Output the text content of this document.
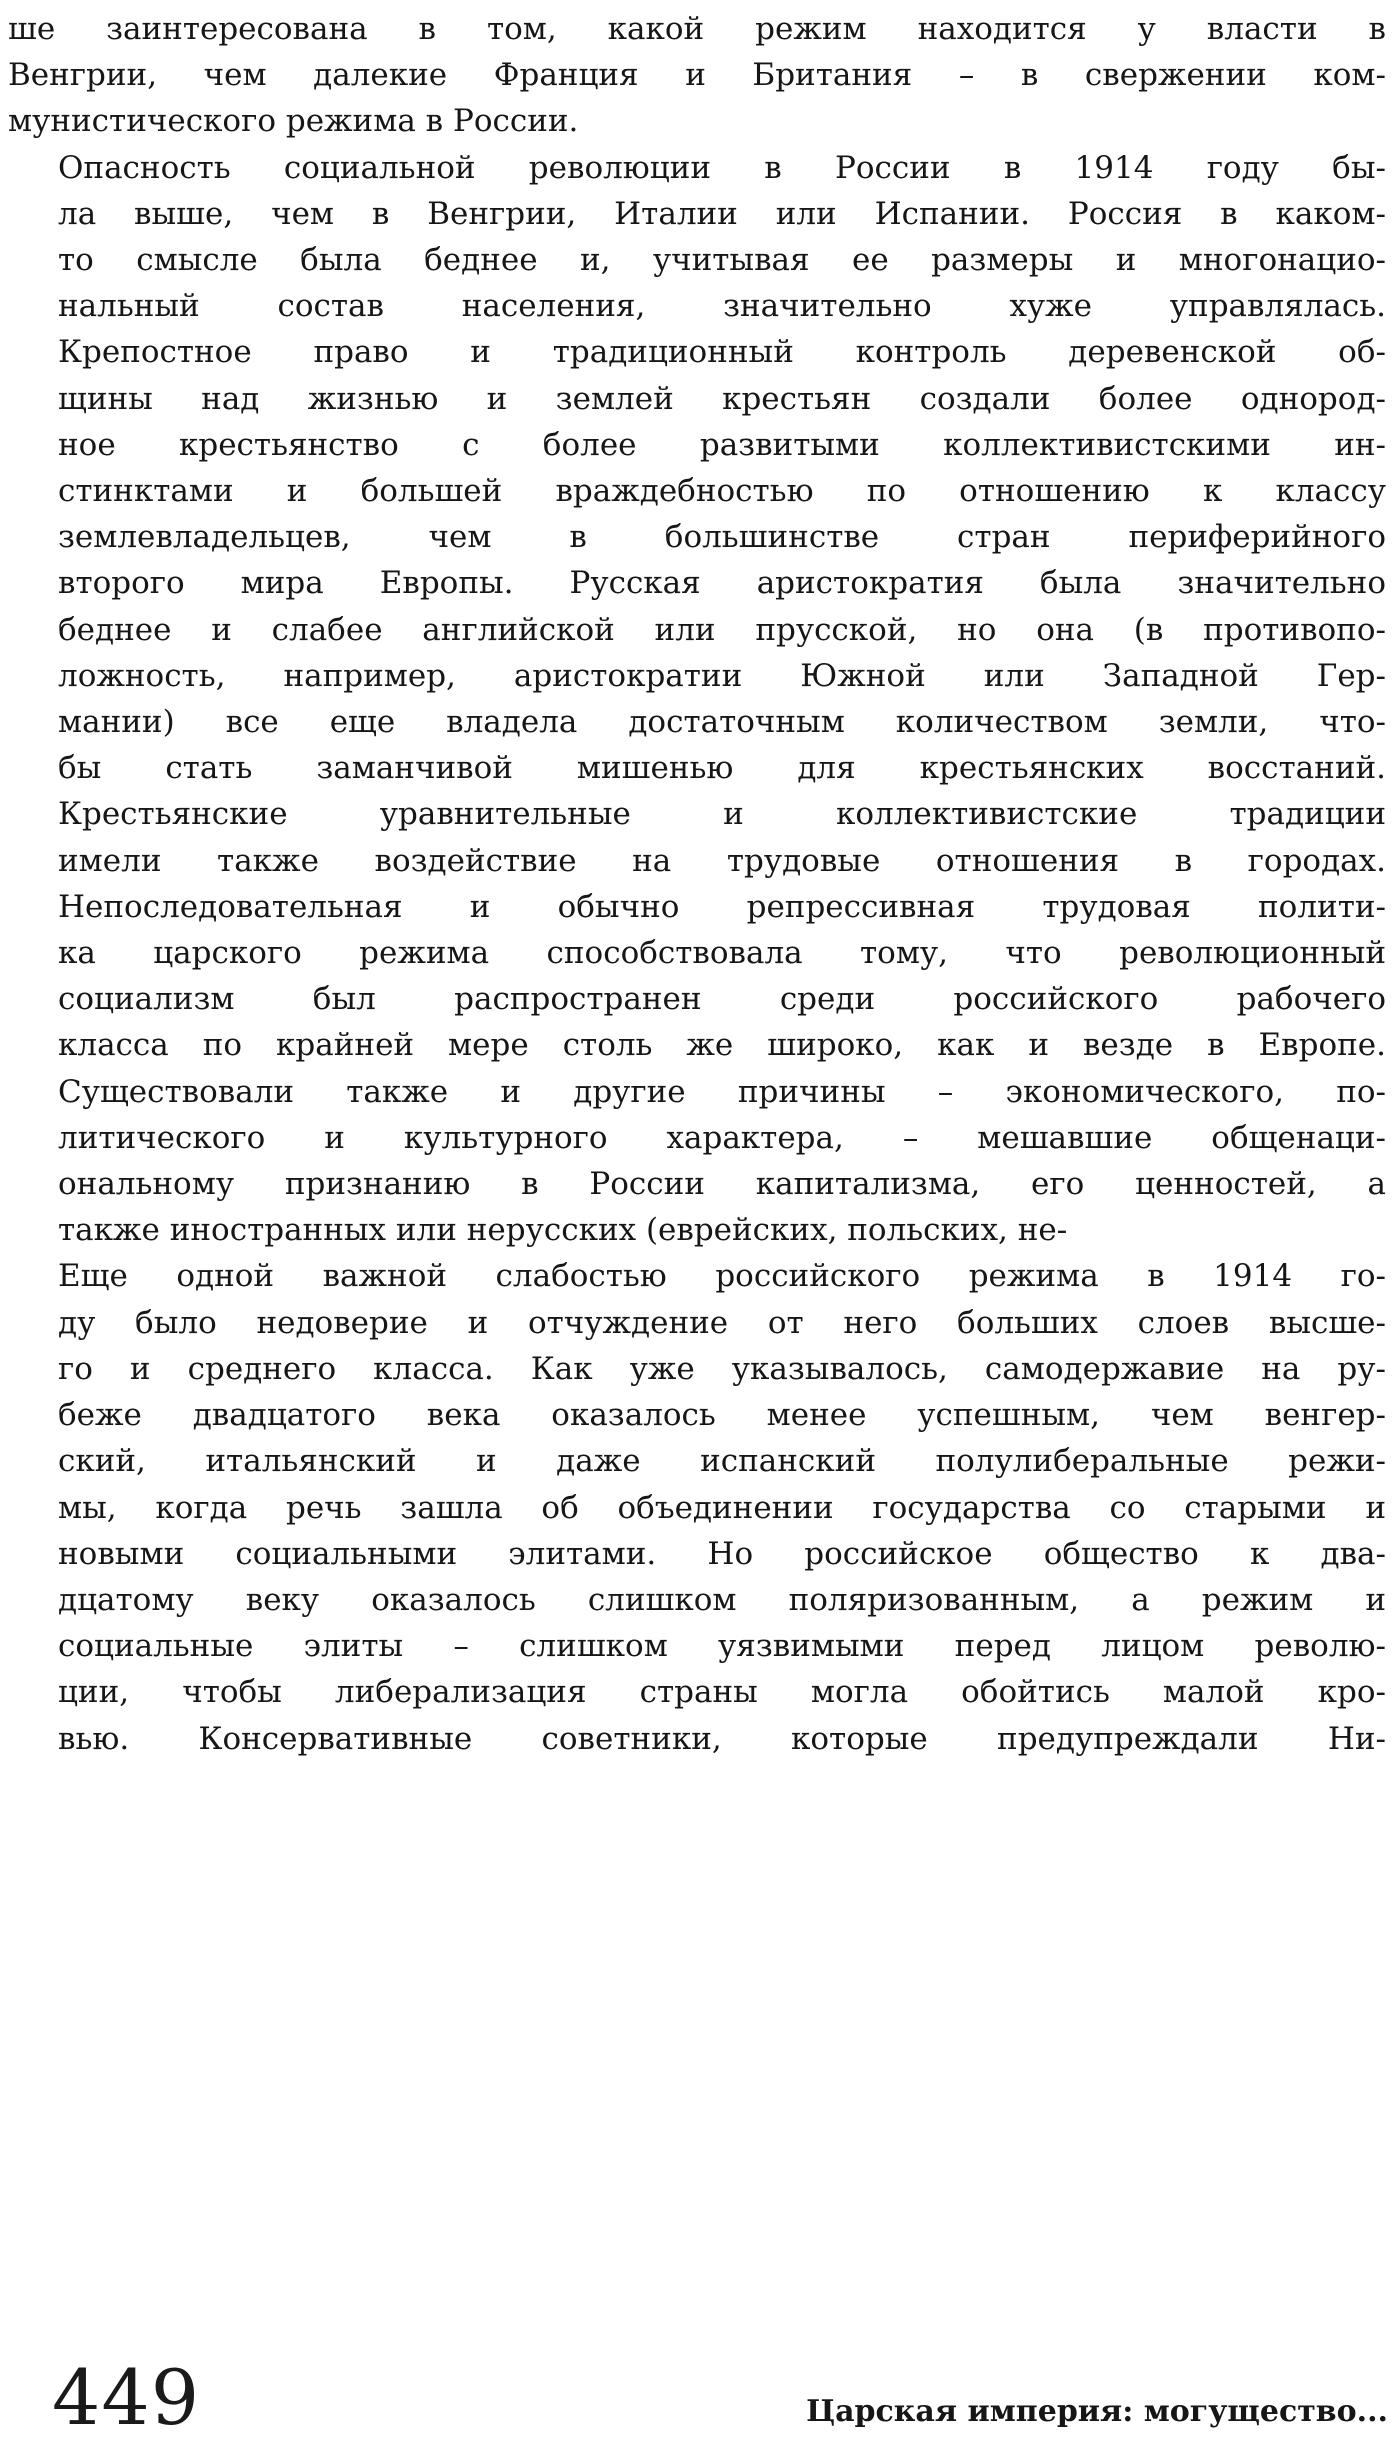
ше заинтересована в том, какой режим находится у власти в
Венгрии, чем далекие Франция и Британия – в свержении ком-
мунистического режима в России.

Опасность социальной революции в России в 1914 году бы-
ла выше, чем в Венгрии, Италии или Испании. Россия в каком-
то смысле была беднее и, учитывая ее размеры и многонацио-
нальный состав населения, значительно хуже управлялась.
Крепостное право и традиционный контроль деревенской об-
щины над жизнью и землей крестьян создали более однород-
ное крестьянство с более развитыми коллективистскими ин-
стинктами и большей враждебностью по отношению к классу
землевладельцев, чем в большинстве стран периферийного
второго мира Европы. Русская аристократия была значительно
беднее и слабее английской или прусской, но она (в противопо-
ложность, например, аристократии Южной или Западной Гер-
мании) все еще владела достаточным количеством земли, что-
бы стать заманчивой мишенью для крестьянских восстаний.
Крестьянские уравнительные и коллективистские традиции
имели также воздействие на трудовые отношения в городах.
Непоследовательная и обычно репрессивная трудовая полити-
ка царского режима способствовала тому, что революционный
социализм был распространен среди российского рабочего
класса по крайней мере столь же широко, как и везде в Европе.
Существовали также и другие причины – экономического, по-
литического и культурного характера, – мешавшие общенаци-
ональному признанию в России капитализма, его ценностей, а
также иностранных или нерусских (еврейских, польских, не-

Еще одной важной слабостью российского режима в 1914 го-
ду было недоверие и отчуждение от него больших слоев высше-
го и среднего класса. Как уже указывалось, самодержавие на ру-
беже двадцатого века оказалось менее успешным, чем венгер-
ский, итальянский и даже испанский полулиберальные режи-
мы, когда речь зашла об объединении государства со старыми и
новыми социальными элитами. Но российское общество к два-
дцатому веку оказалось слишком поляризованным, а режим и
социальные элиты – слишком уязвимыми перед лицом револю-
ции, чтобы либерализация страны могла обойтись малой кро-
вью. Консервативные советники, которые предупреждали Ни-

449	Царская империя: могущество...
